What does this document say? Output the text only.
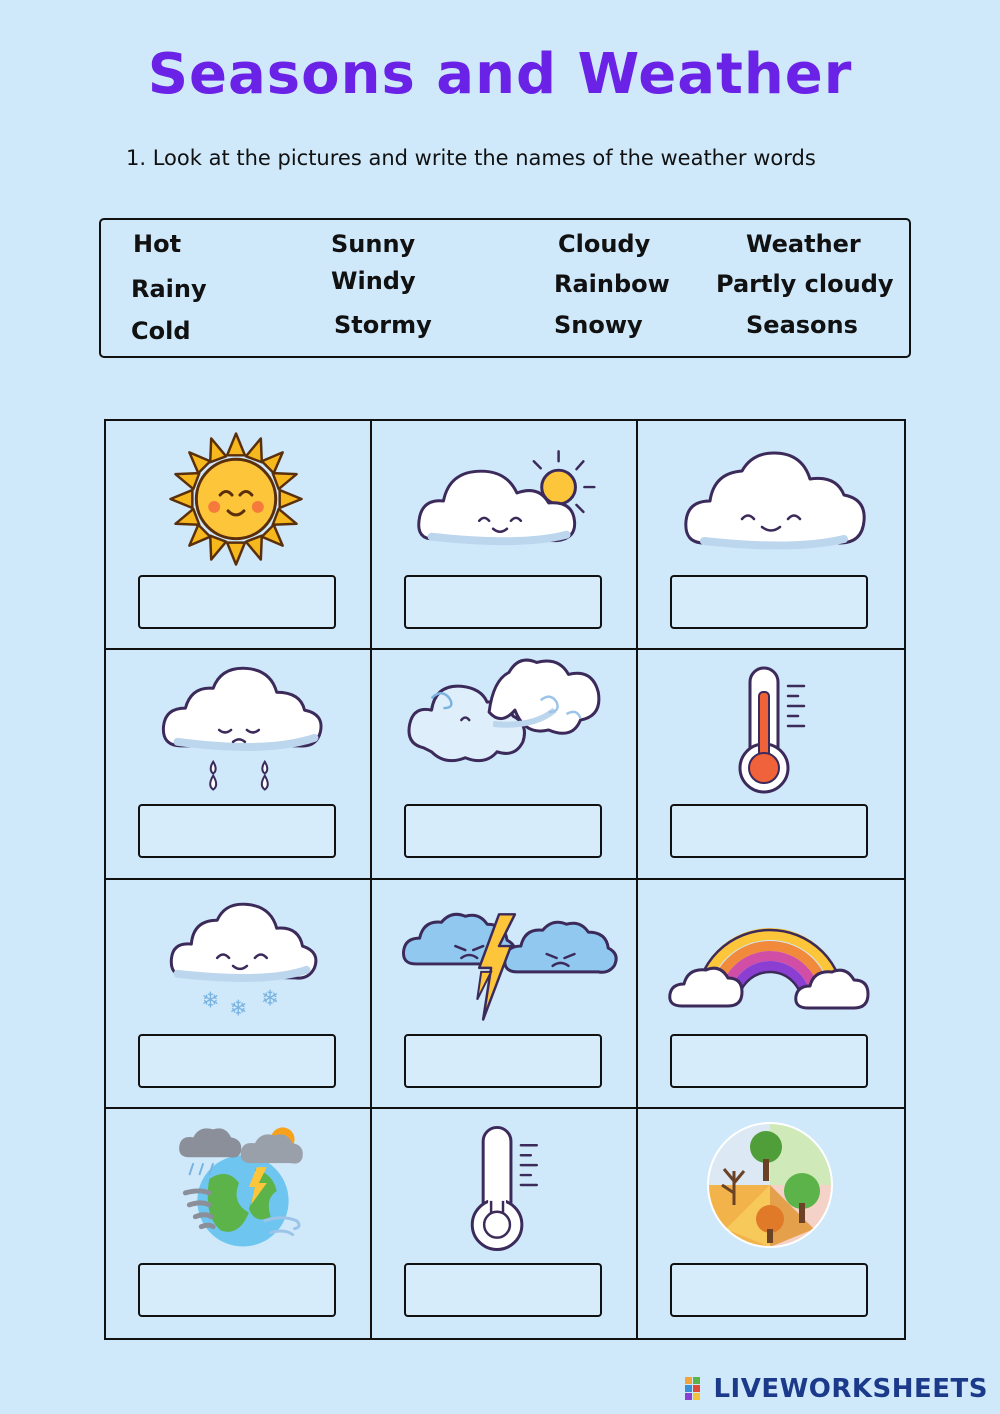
Seasons and Weather
1. Look at the pictures and write the names of the weather words
Hot
Rainy
Cold
Sunny
Windy
Stormy
Cloudy
Rainbow
Snowy
Weather
Partly cloudy
Seasons
❄ ❄ ❄
LIVEWORKSHEETS
